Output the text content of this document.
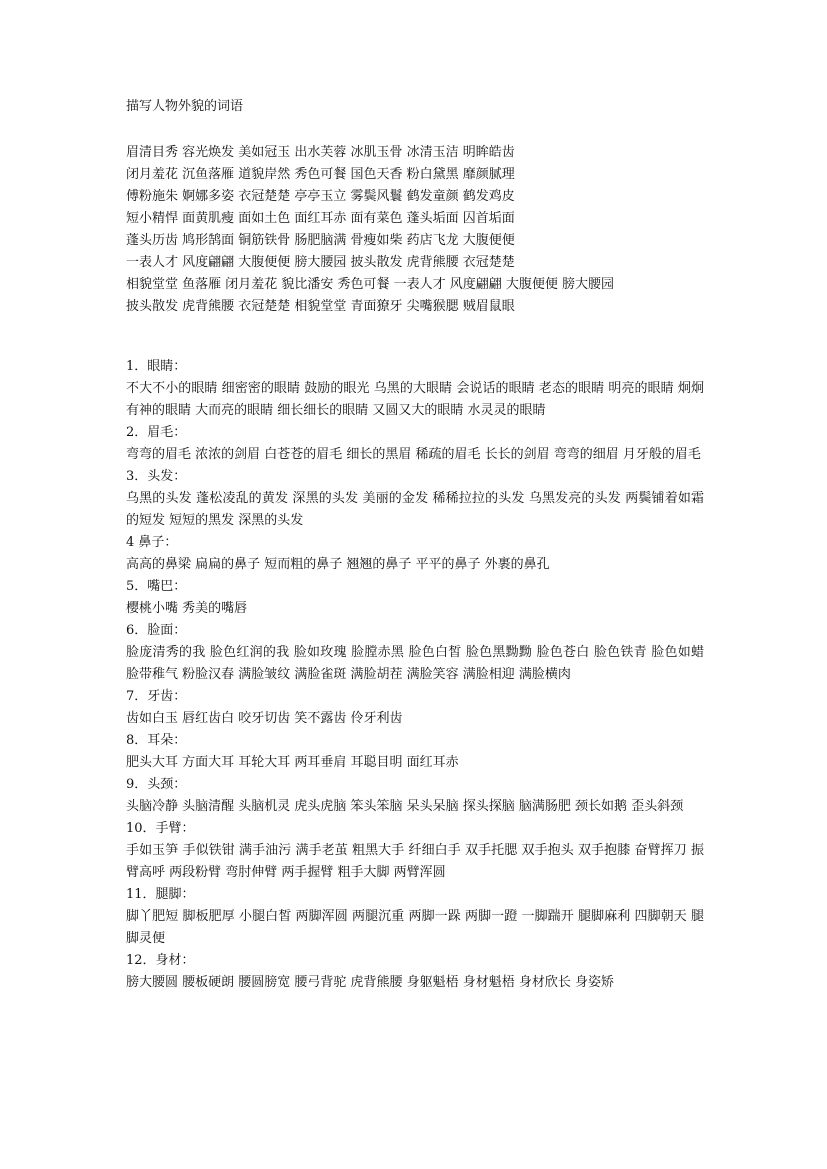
描写人物外貌的词语
眉清目秀 容光焕发 美如冠玉 出水芙蓉 冰肌玉骨 冰清玉洁 明眸皓齿
闭月羞花 沉鱼落雁 道貌岸然 秀色可餐 国色天香 粉白黛黑 靡颜腻理
傅粉施朱 婀娜多姿 衣冠楚楚 亭亭玉立 雾鬓风鬟 鹤发童颜 鹤发鸡皮
短小精悍 面黄肌瘦 面如土色 面红耳赤 面有菜色 蓬头垢面 囚首垢面
蓬头历齿 鸠形鹄面 铜筋铁骨 肠肥脑满 骨瘦如柴 药店飞龙 大腹便便
一表人才 风度翩翩 大腹便便 膀大腰园 披头散发 虎背熊腰 衣冠楚楚
相貌堂堂 鱼落雁 闭月羞花 貌比潘安 秀色可餐 一表人才 风度翩翩 大腹便便 膀大腰园
披头散发 虎背熊腰 衣冠楚楚 相貌堂堂 青面獠牙 尖嘴猴腮 贼眉鼠眼
1．眼睛：
不大不小的眼睛 细密密的眼睛 鼓励的眼光 乌黑的大眼睛 会说话的眼睛 老态的眼睛 明亮的眼睛 炯炯有神的眼睛 大而亮的眼睛 细长细长的眼睛 又圆又大的眼睛 水灵灵的眼睛
2．眉毛：
弯弯的眉毛 浓浓的剑眉 白苍苍的眉毛 细长的黑眉 稀疏的眉毛 长长的剑眉 弯弯的细眉 月牙般的眉毛
3．头发：
乌黑的头发 蓬松凌乱的黄发 深黑的头发 美丽的金发 稀稀拉拉的头发 乌黑发亮的头发 两鬓铺着如霜的短发 短短的黑发 深黑的头发
4 鼻子：
高高的鼻梁 扁扁的鼻子 短而粗的鼻子 翘翘的鼻子 平平的鼻子 外裹的鼻孔
5．嘴巴：
樱桃小嘴 秀美的嘴唇
6．脸面：
脸庞清秀的我 脸色红润的我 脸如玫瑰 脸膛赤黑 脸色白皙 脸色黑黝黝 脸色苍白 脸色铁青 脸色如蜡 脸带稚气 粉脸汉春 满脸皱纹 满脸雀斑 满脸胡茬 满脸笑容 满脸相迎 满脸横肉
7．牙齿：
齿如白玉 唇红齿白 咬牙切齿 笑不露齿 伶牙利齿
8．耳朵：
肥头大耳 方面大耳 耳轮大耳 两耳垂肩 耳聪目明 面红耳赤
9．头颈：
头脑冷静 头脑清醒 头脑机灵 虎头虎脑 笨头笨脑 呆头呆脑 探头探脑 脑满肠肥 颈长如鹅 歪头斜颈
10．手臂：
手如玉笋 手似铁钳 满手油污 满手老茧 粗黑大手 纤细白手 双手托腮 双手抱头 双手抱膝 奋臂挥刀 振臂高呼 两段粉臂 弯肘伸臂 两手握臂 粗手大脚 两臂浑圆
11．腿脚：
脚丫肥短 脚板肥厚 小腿白皙 两脚浑圆 两腿沉重 两脚一跺 两脚一蹬 一脚踹开 腿脚麻利 四脚朝天 腿脚灵便
12．身材：
膀大腰圆 腰板硬朗 腰圆膀宽 腰弓背驼 虎背熊腰 身躯魁梧 身材魁梧 身材欣长 身姿矫
